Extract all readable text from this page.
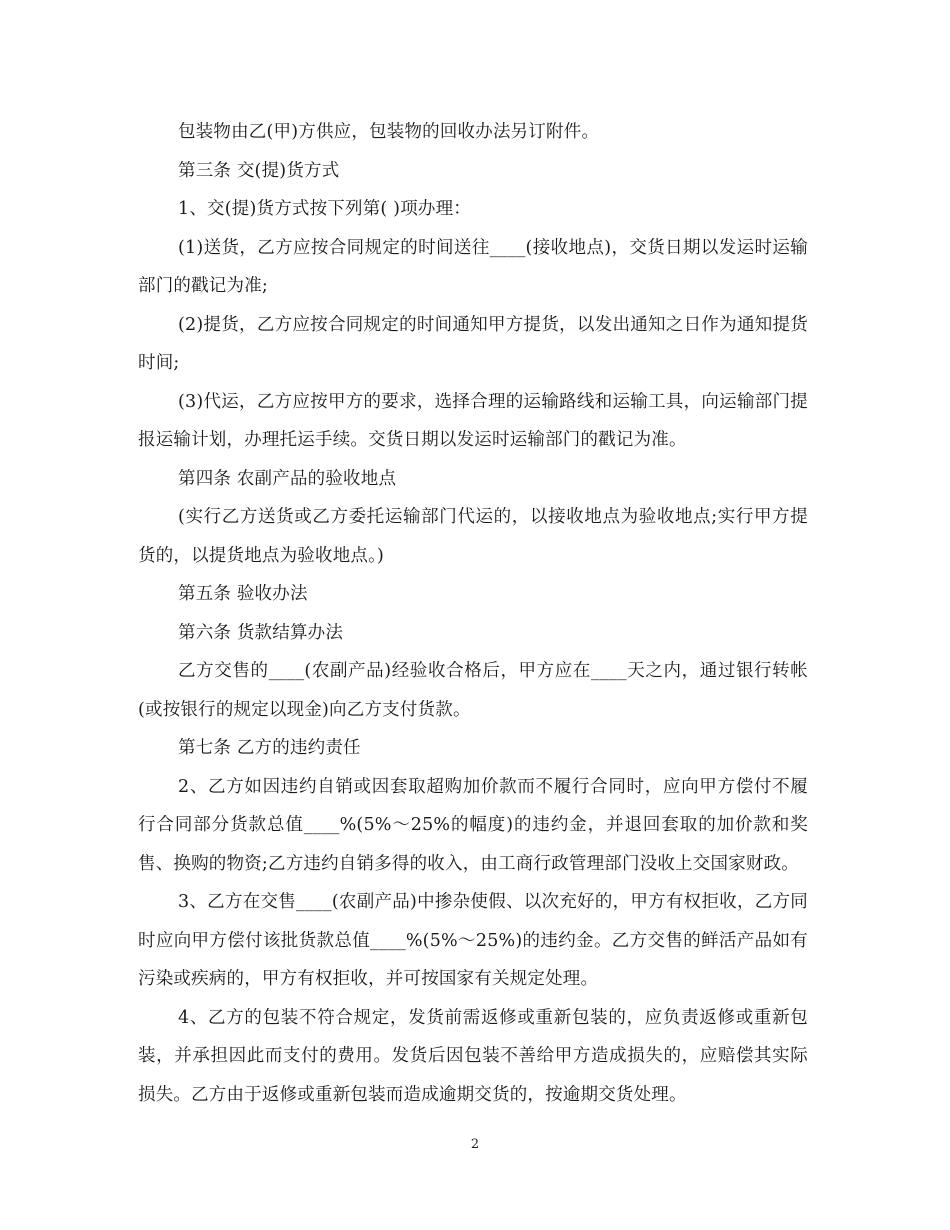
包装物由乙(甲)方供应，包装物的回收办法另订附件。

第三条 交(提)货方式

1、交(提)货方式按下列第( )项办理：

(1)送货，乙方应按合同规定的时间送往____(接收地点)，交货日期以发运时运输部门的戳记为准;

(2)提货，乙方应按合同规定的时间通知甲方提货，以发出通知之日作为通知提货时间;

(3)代运，乙方应按甲方的要求，选择合理的运输路线和运输工具，向运输部门提报运输计划，办理托运手续。交货日期以发运时运输部门的戳记为准。

第四条 农副产品的验收地点

(实行乙方送货或乙方委托运输部门代运的，以接收地点为验收地点;实行甲方提货的，以提货地点为验收地点。)

第五条 验收办法

第六条 货款结算办法

乙方交售的____(农副产品)经验收合格后，甲方应在____天之内，通过银行转帐(或按银行的规定以现金)向乙方支付货款。

第七条 乙方的违约责任

2、乙方如因违约自销或因套取超购加价款而不履行合同时，应向甲方偿付不履行合同部分货款总值____%(5%～25%的幅度)的违约金，并退回套取的加价款和奖售、换购的物资;乙方违约自销多得的收入，由工商行政管理部门没收上交国家财政。

3、乙方在交售____(农副产品)中掺杂使假、以次充好的，甲方有权拒收，乙方同时应向甲方偿付该批货款总值____%(5%～25%)的违约金。乙方交售的鲜活产品如有污染或疾病的，甲方有权拒收，并可按国家有关规定处理。

4、乙方的包装不符合规定，发货前需返修或重新包装的，应负责返修或重新包装，并承担因此而支付的费用。发货后因包装不善给甲方造成损失的，应赔偿其实际损失。乙方由于返修或重新包装而造成逾期交货的，按逾期交货处理。

2
